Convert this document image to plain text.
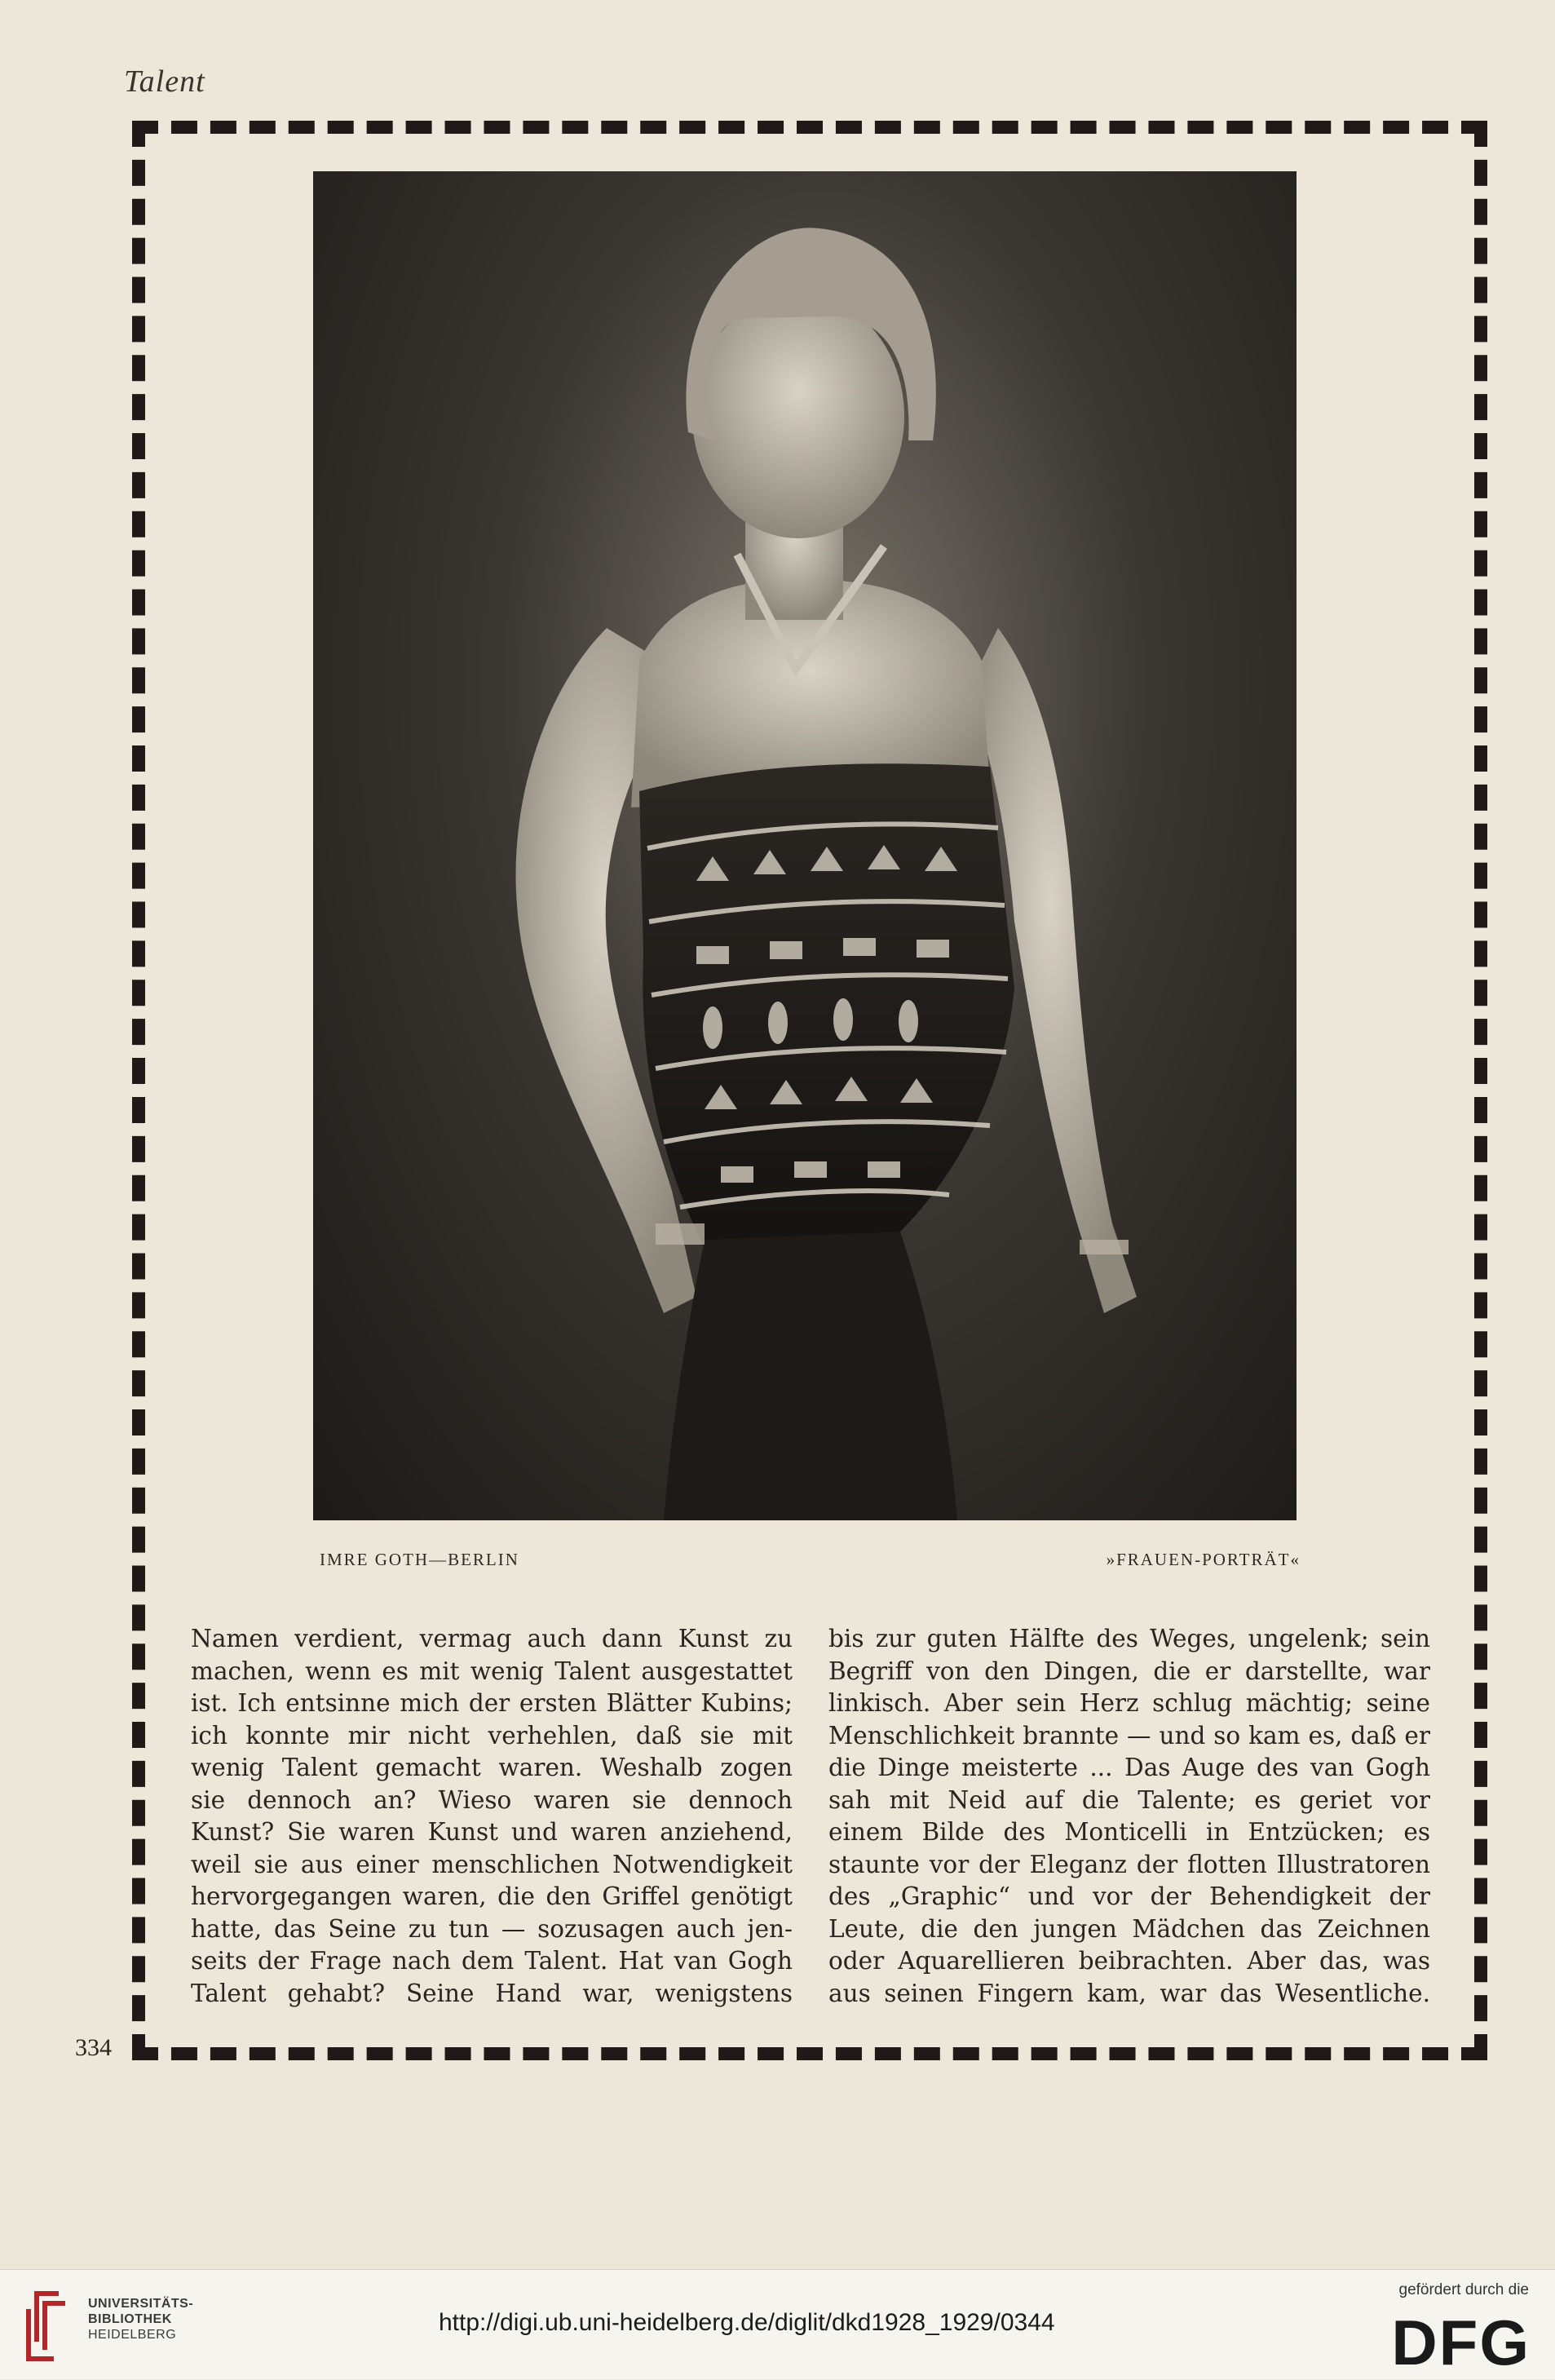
Talent
IMRE GOTH—BERLIN	»FRAUEN-PORTRÄT«
Namen verdient, vermag auch dann Kunst zu
machen, wenn es mit wenig Talent ausgestattet
ist. Ich entsinne mich der ersten Blätter Kubins;
ich konnte mir nicht verhehlen, daß sie mit
wenig Talent gemacht waren. Weshalb zogen
sie dennoch an? Wieso waren sie dennoch
Kunst? Sie waren Kunst und waren anziehend,
weil sie aus einer menschlichen Notwendigkeit
hervorgegangen waren, die den Griffel genötigt
hatte, das Seine zu tun — sozusagen auch jen-
seits der Frage nach dem Talent. Hat van Gogh
Talent gehabt? Seine Hand war, wenigstens
bis zur guten Hälfte des Weges, ungelenk; sein
Begriff von den Dingen, die er darstellte, war
linkisch. Aber sein Herz schlug mächtig; seine
Menschlichkeit brannte — und so kam es, daß er
die Dinge meisterte ... Das Auge des van Gogh
sah mit Neid auf die Talente; es geriet vor
einem Bilde des Monticelli in Entzücken; es
staunte vor der Eleganz der flotten Illustratoren
des „Graphic“ und vor der Behendigkeit der
Leute, die den jungen Mädchen das Zeichnen
oder Aquarellieren beibrachten. Aber das, was
aus seinen Fingern kam, war das Wesentliche.
334
UNIVERSITÄTS-
BIBLIOTHEK
HEIDELBERG	http://digi.ub.uni-heidelberg.de/diglit/dkd1928_1929/0344
gefördert durch die
DFG
